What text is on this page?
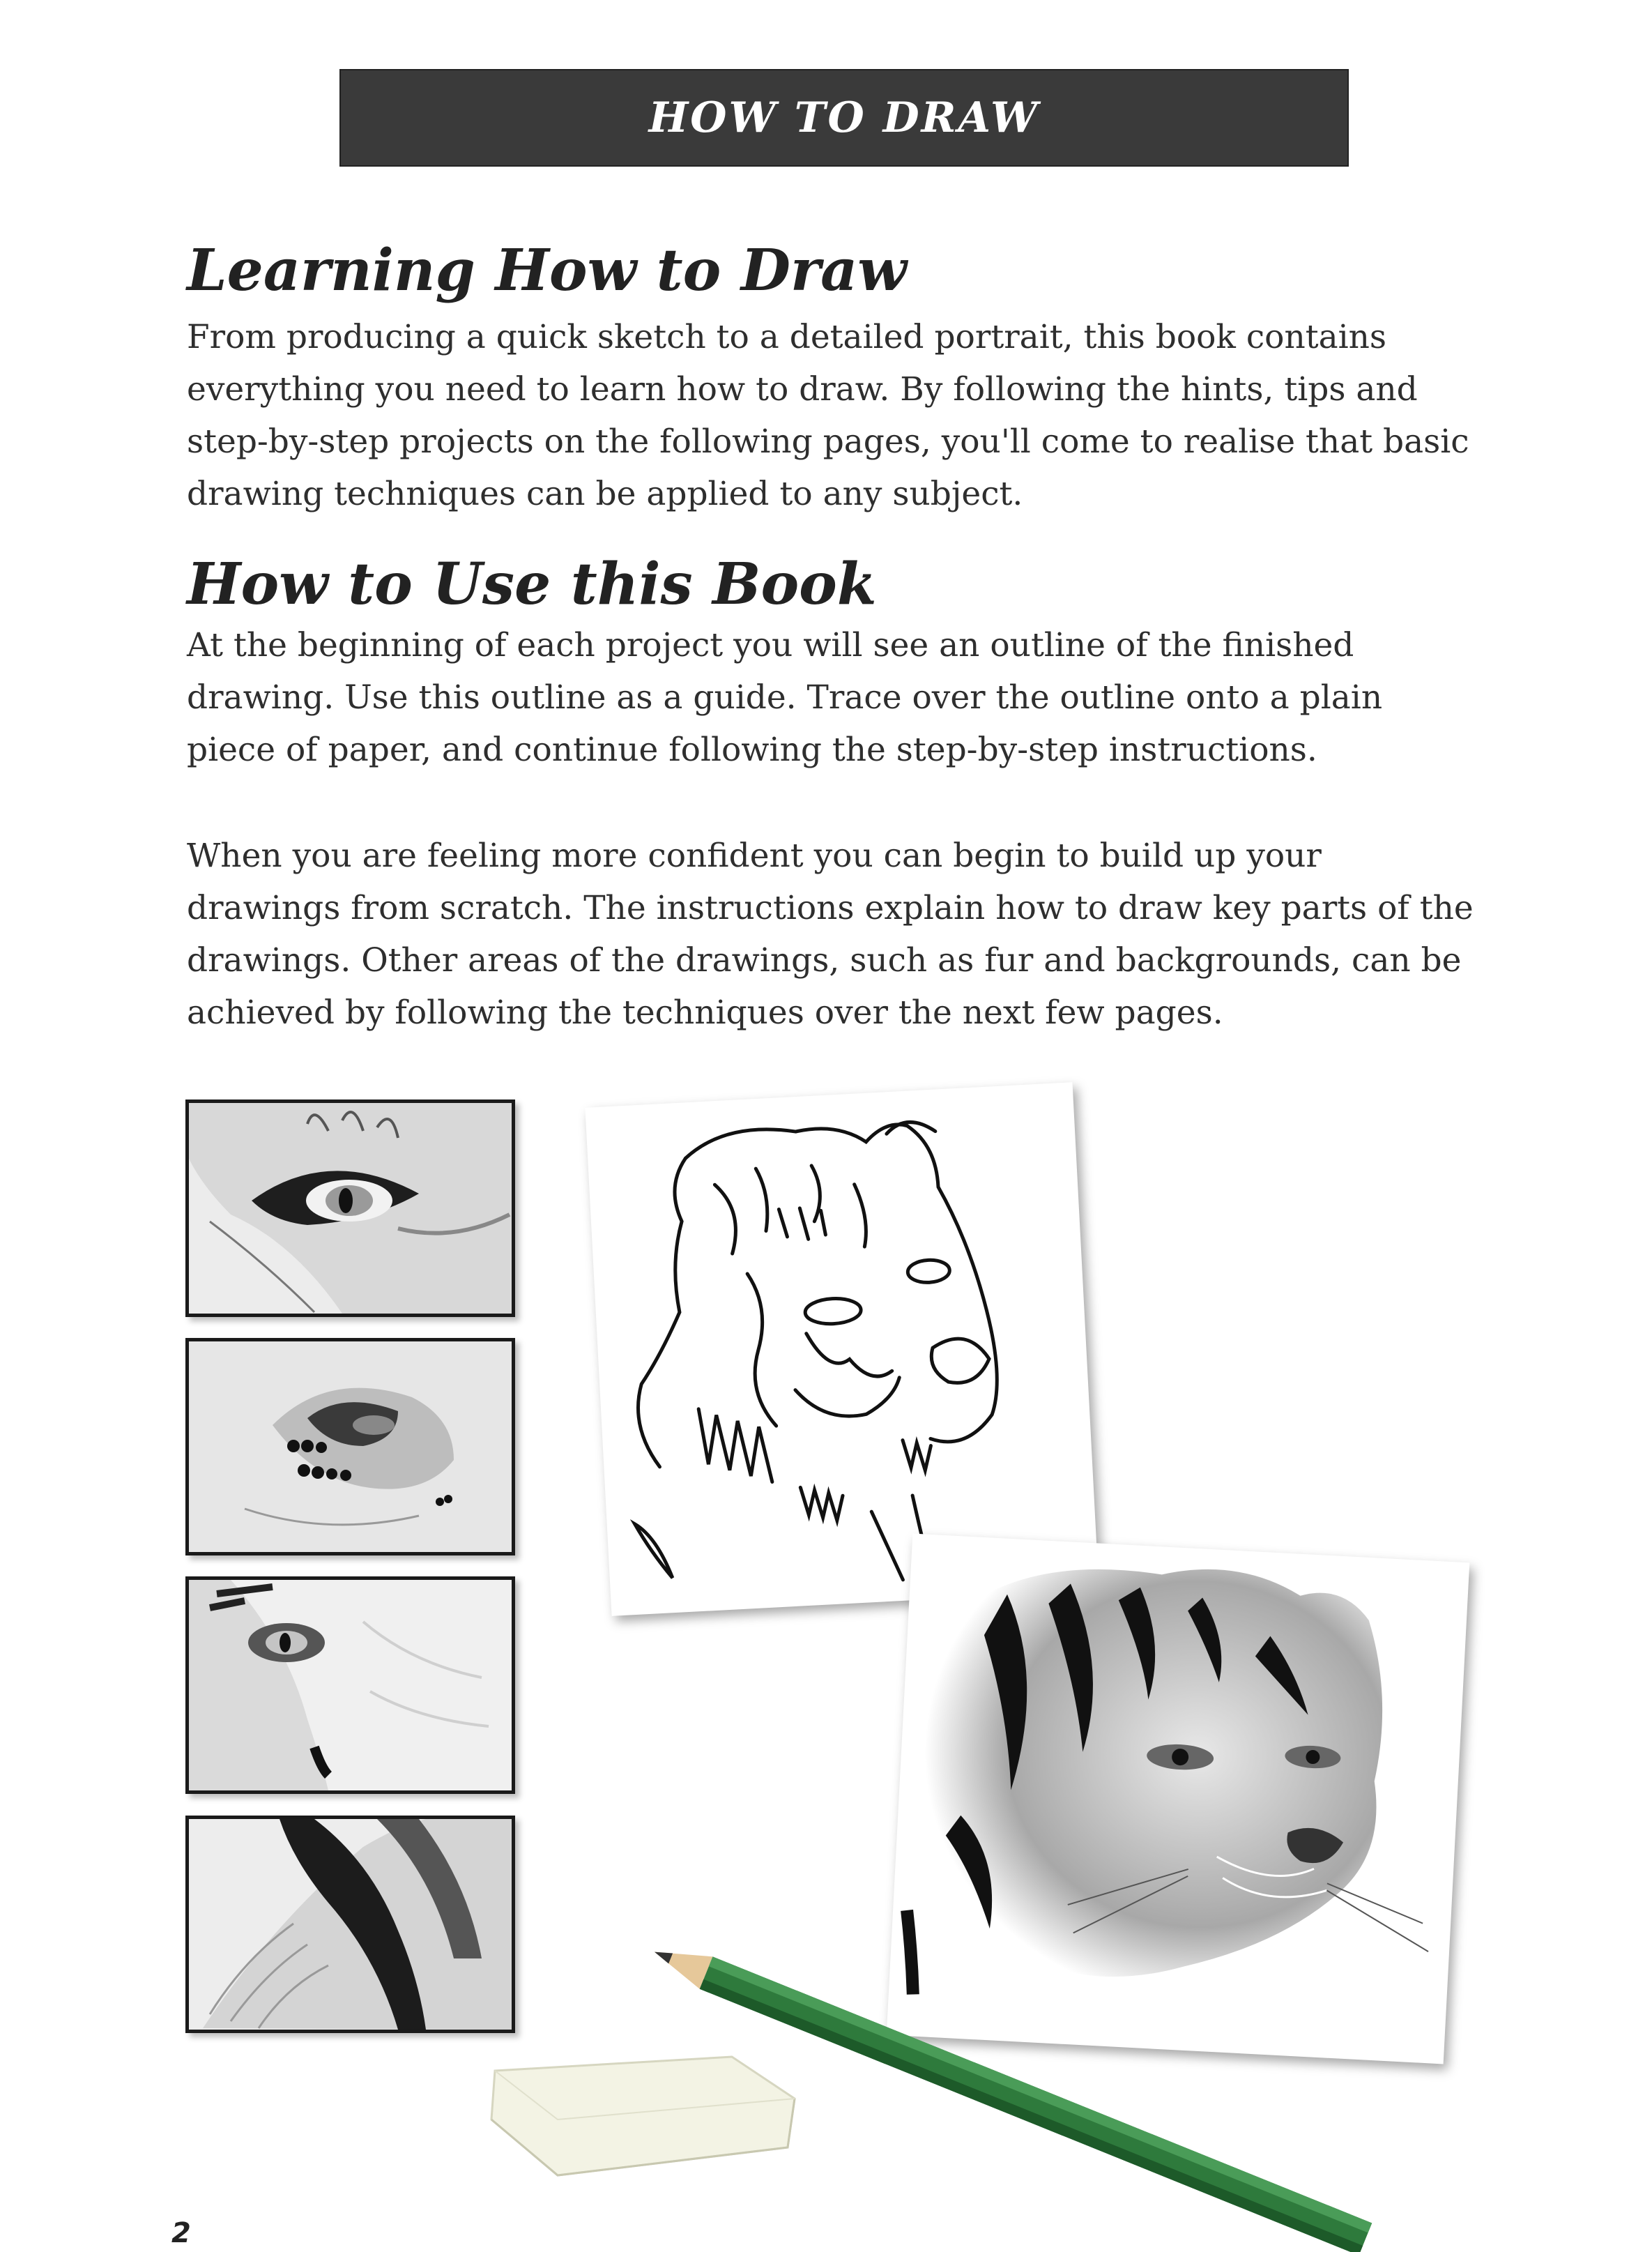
HOW TO DRAW
Learning How to Draw

From producing a quick sketch to a detailed portrait, this book contains everything you need to learn how to draw. By following the hints, tips and step-by-step projects on the following pages, you'll come to realise that basic drawing techniques can be applied to any subject.

How to Use this Book

At the beginning of each project you will see an outline of the finished drawing. Use this outline as a guide. Trace over the outline onto a plain piece of paper, and continue following the step-by-step instructions.

When you are feeling more confident you can begin to build up your drawings from scratch. The instructions explain how to draw key parts of the drawings. Other areas of the drawings, such as fur and backgrounds, can be achieved by following the techniques over the next few pages.

2
